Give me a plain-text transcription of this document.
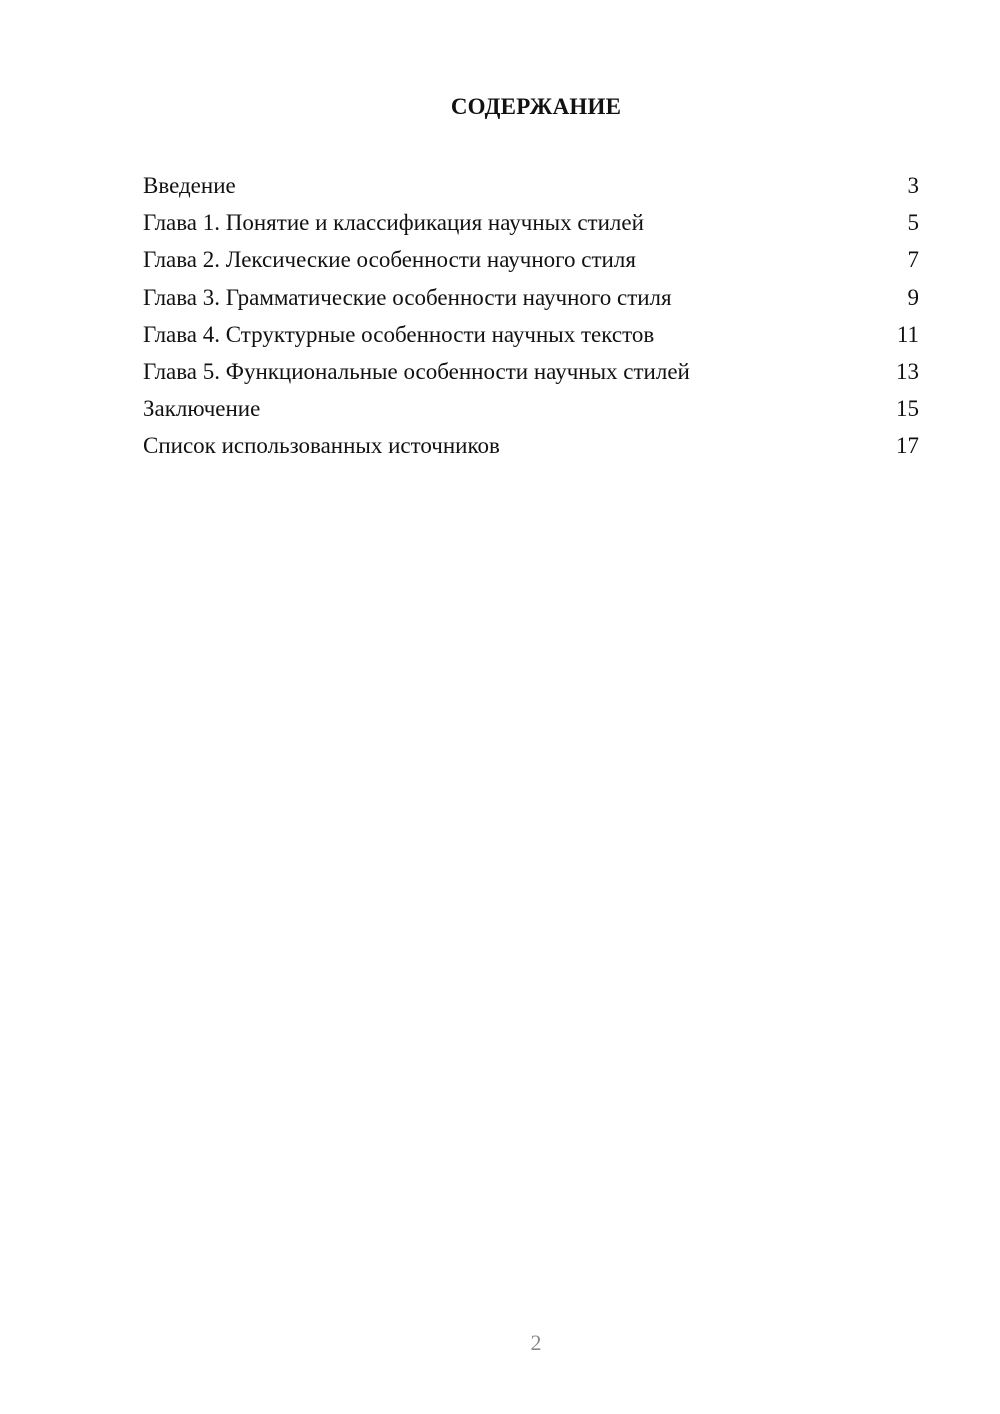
СОДЕРЖАНИЕ
Введение	3
Глава 1. Понятие и классификация научных стилей	5
Глава 2. Лексические особенности научного стиля	7
Глава 3. Грамматические особенности научного стиля	9
Глава 4. Структурные особенности научных текстов	11
Глава 5. Функциональные особенности научных стилей	13
Заключение	15
Список использованных источников	17
2
